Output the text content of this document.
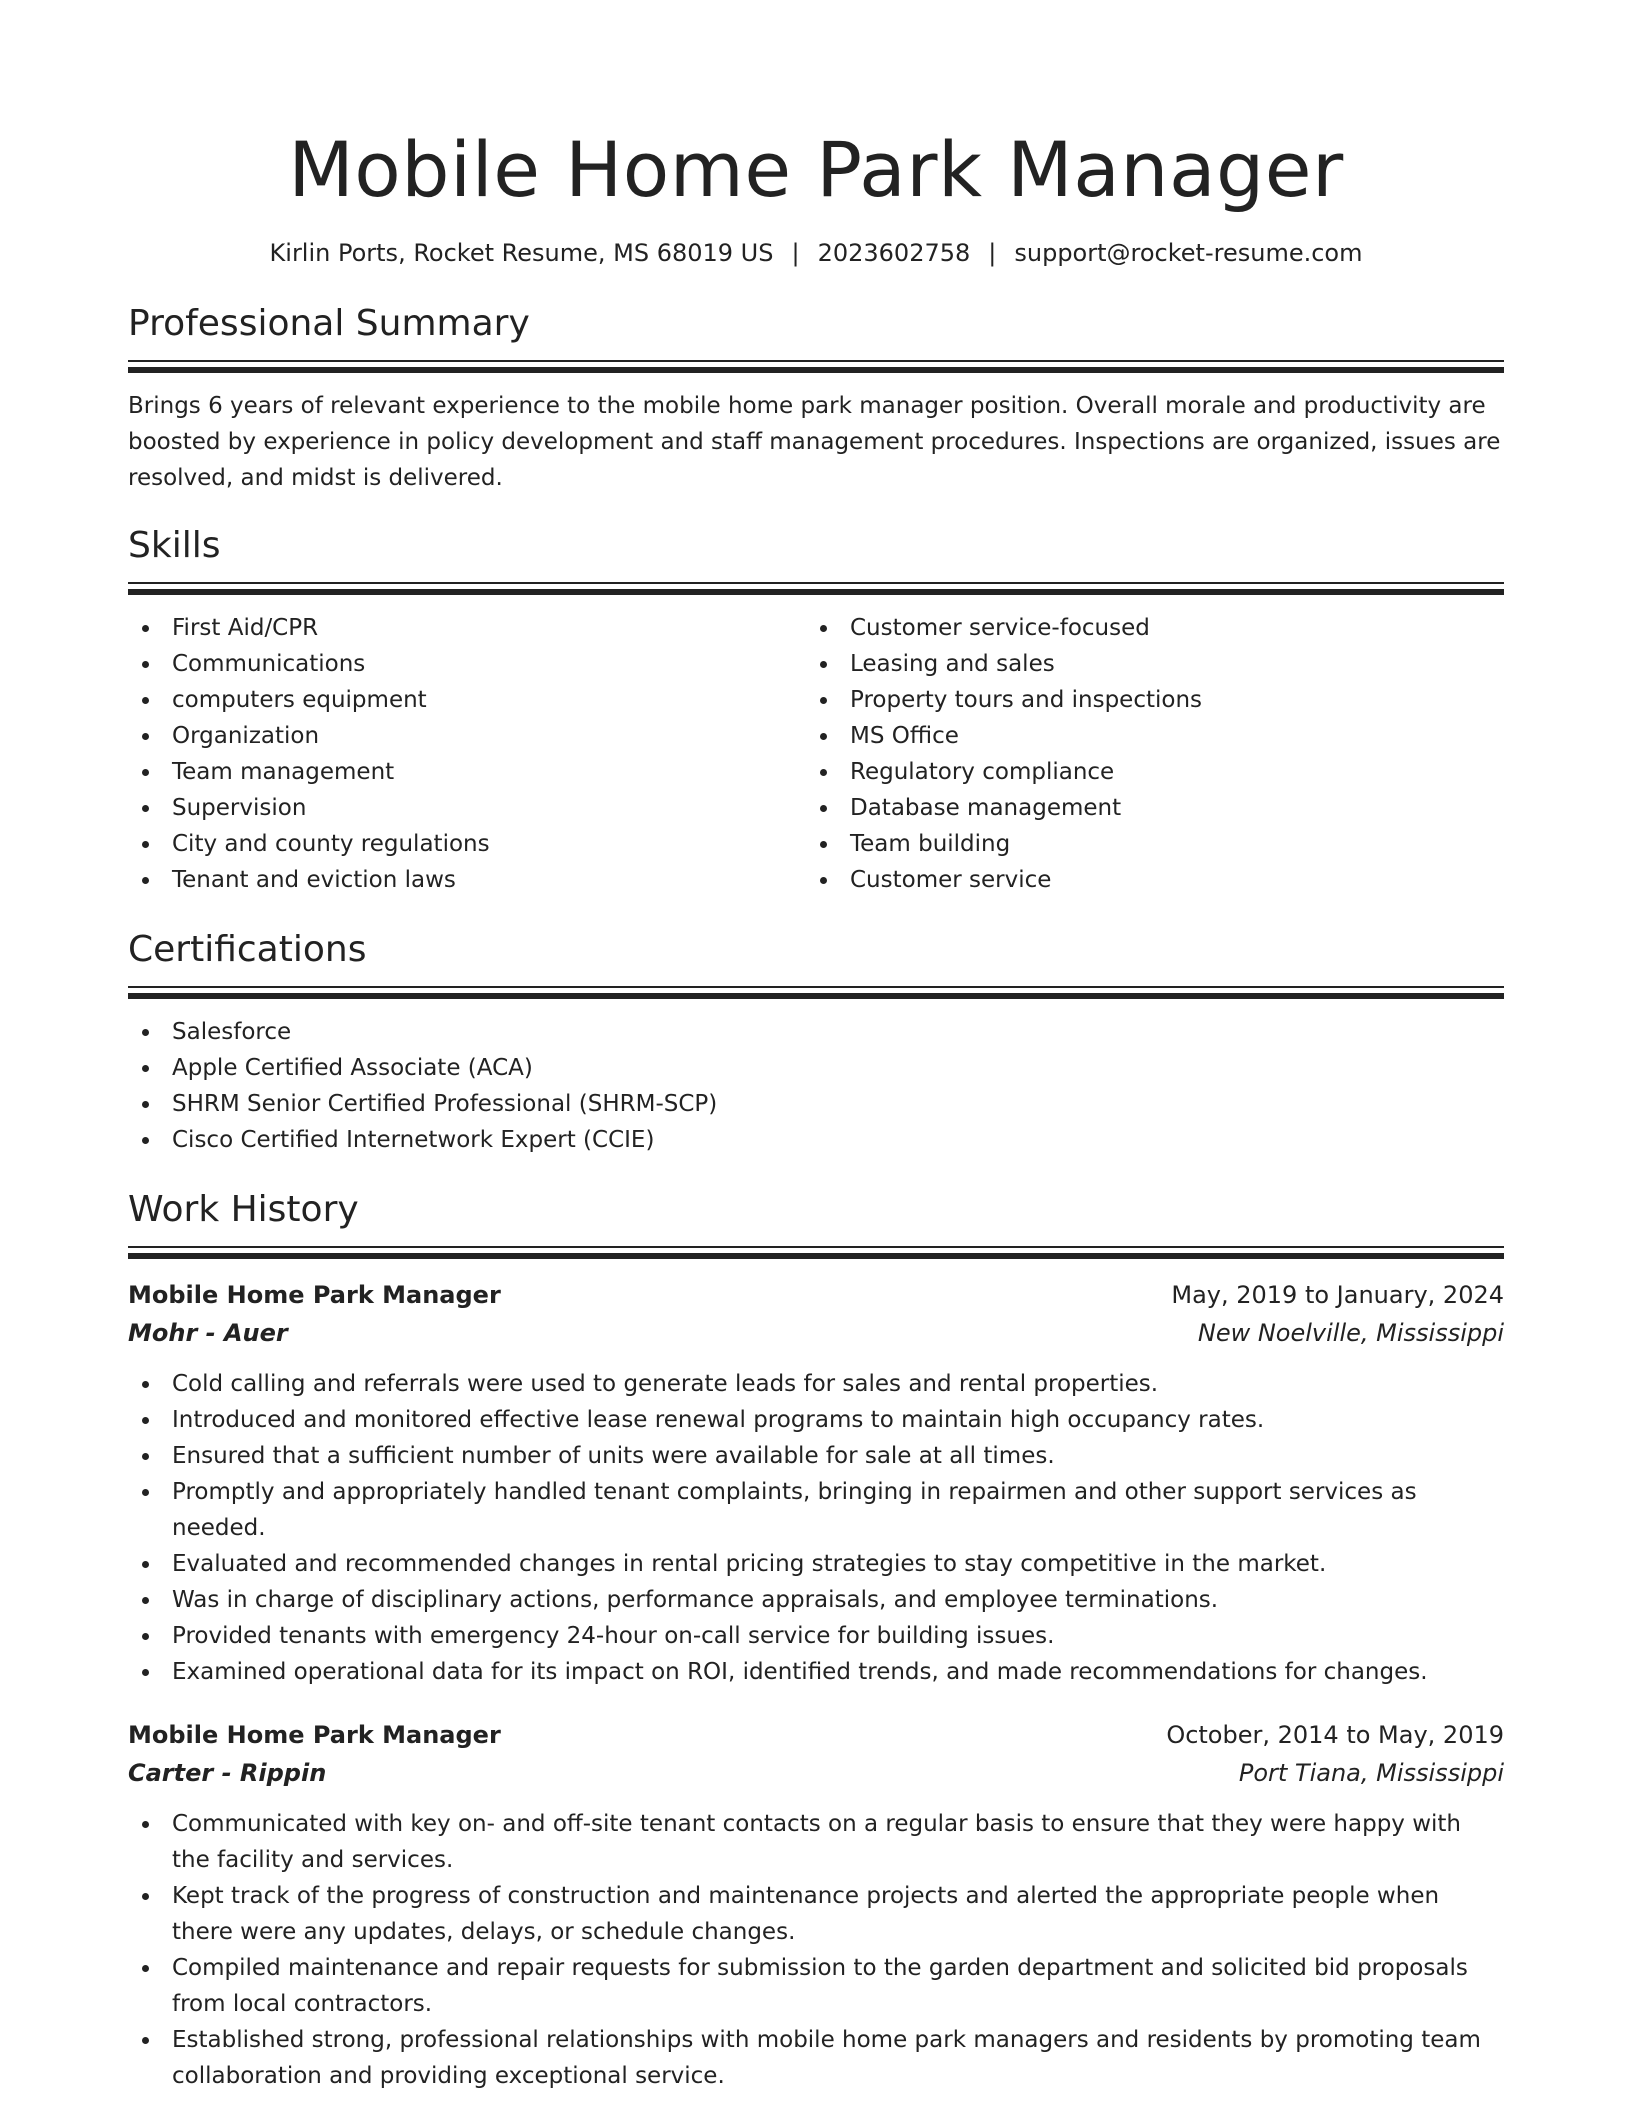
Mobile Home Park Manager
Kirlin Ports, Rocket Resume, MS 68019 US | 2023602758 | support@rocket-resume.com
Professional Summary

Brings 6 years of relevant experience to the mobile home park manager position. Overall morale and productivity are boosted by experience in policy development and staff management procedures. Inspections are organized, issues are resolved, and midst is delivered.

Skills
First Aid/CPR
Communications
computers equipment
Organization
Team management
Supervision
City and county regulations
Tenant and eviction laws
Customer service-focused
Leasing and sales
Property tours and inspections
MS Office
Regulatory compliance
Database management
Team building
Customer service
Certifications
Salesforce
Apple Certified Associate (ACA)
SHRM Senior Certified Professional (SHRM-SCP)
Cisco Certified Internetwork Expert (CCIE)
Work History
Mobile Home Park Manager	May, 2019 to January, 2024
Mohr - Auer	New Noelville, Mississippi
Cold calling and referrals were used to generate leads for sales and rental properties.
Introduced and monitored effective lease renewal programs to maintain high occupancy rates.
Ensured that a sufficient number of units were available for sale at all times.
Promptly and appropriately handled tenant complaints, bringing in repairmen and other support services as needed.
Evaluated and recommended changes in rental pricing strategies to stay competitive in the market.
Was in charge of disciplinary actions, performance appraisals, and employee terminations.
Provided tenants with emergency 24-hour on-call service for building issues.
Examined operational data for its impact on ROI, identified trends, and made recommendations for changes.
Mobile Home Park Manager	October, 2014 to May, 2019
Carter - Rippin	Port Tiana, Mississippi
Communicated with key on- and off-site tenant contacts on a regular basis to ensure that they were happy with the facility and services.
Kept track of the progress of construction and maintenance projects and alerted the appropriate people when there were any updates, delays, or schedule changes.
Compiled maintenance and repair requests for submission to the garden department and solicited bid proposals from local contractors.
Established strong, professional relationships with mobile home park managers and residents by promoting team collaboration and providing exceptional service.
